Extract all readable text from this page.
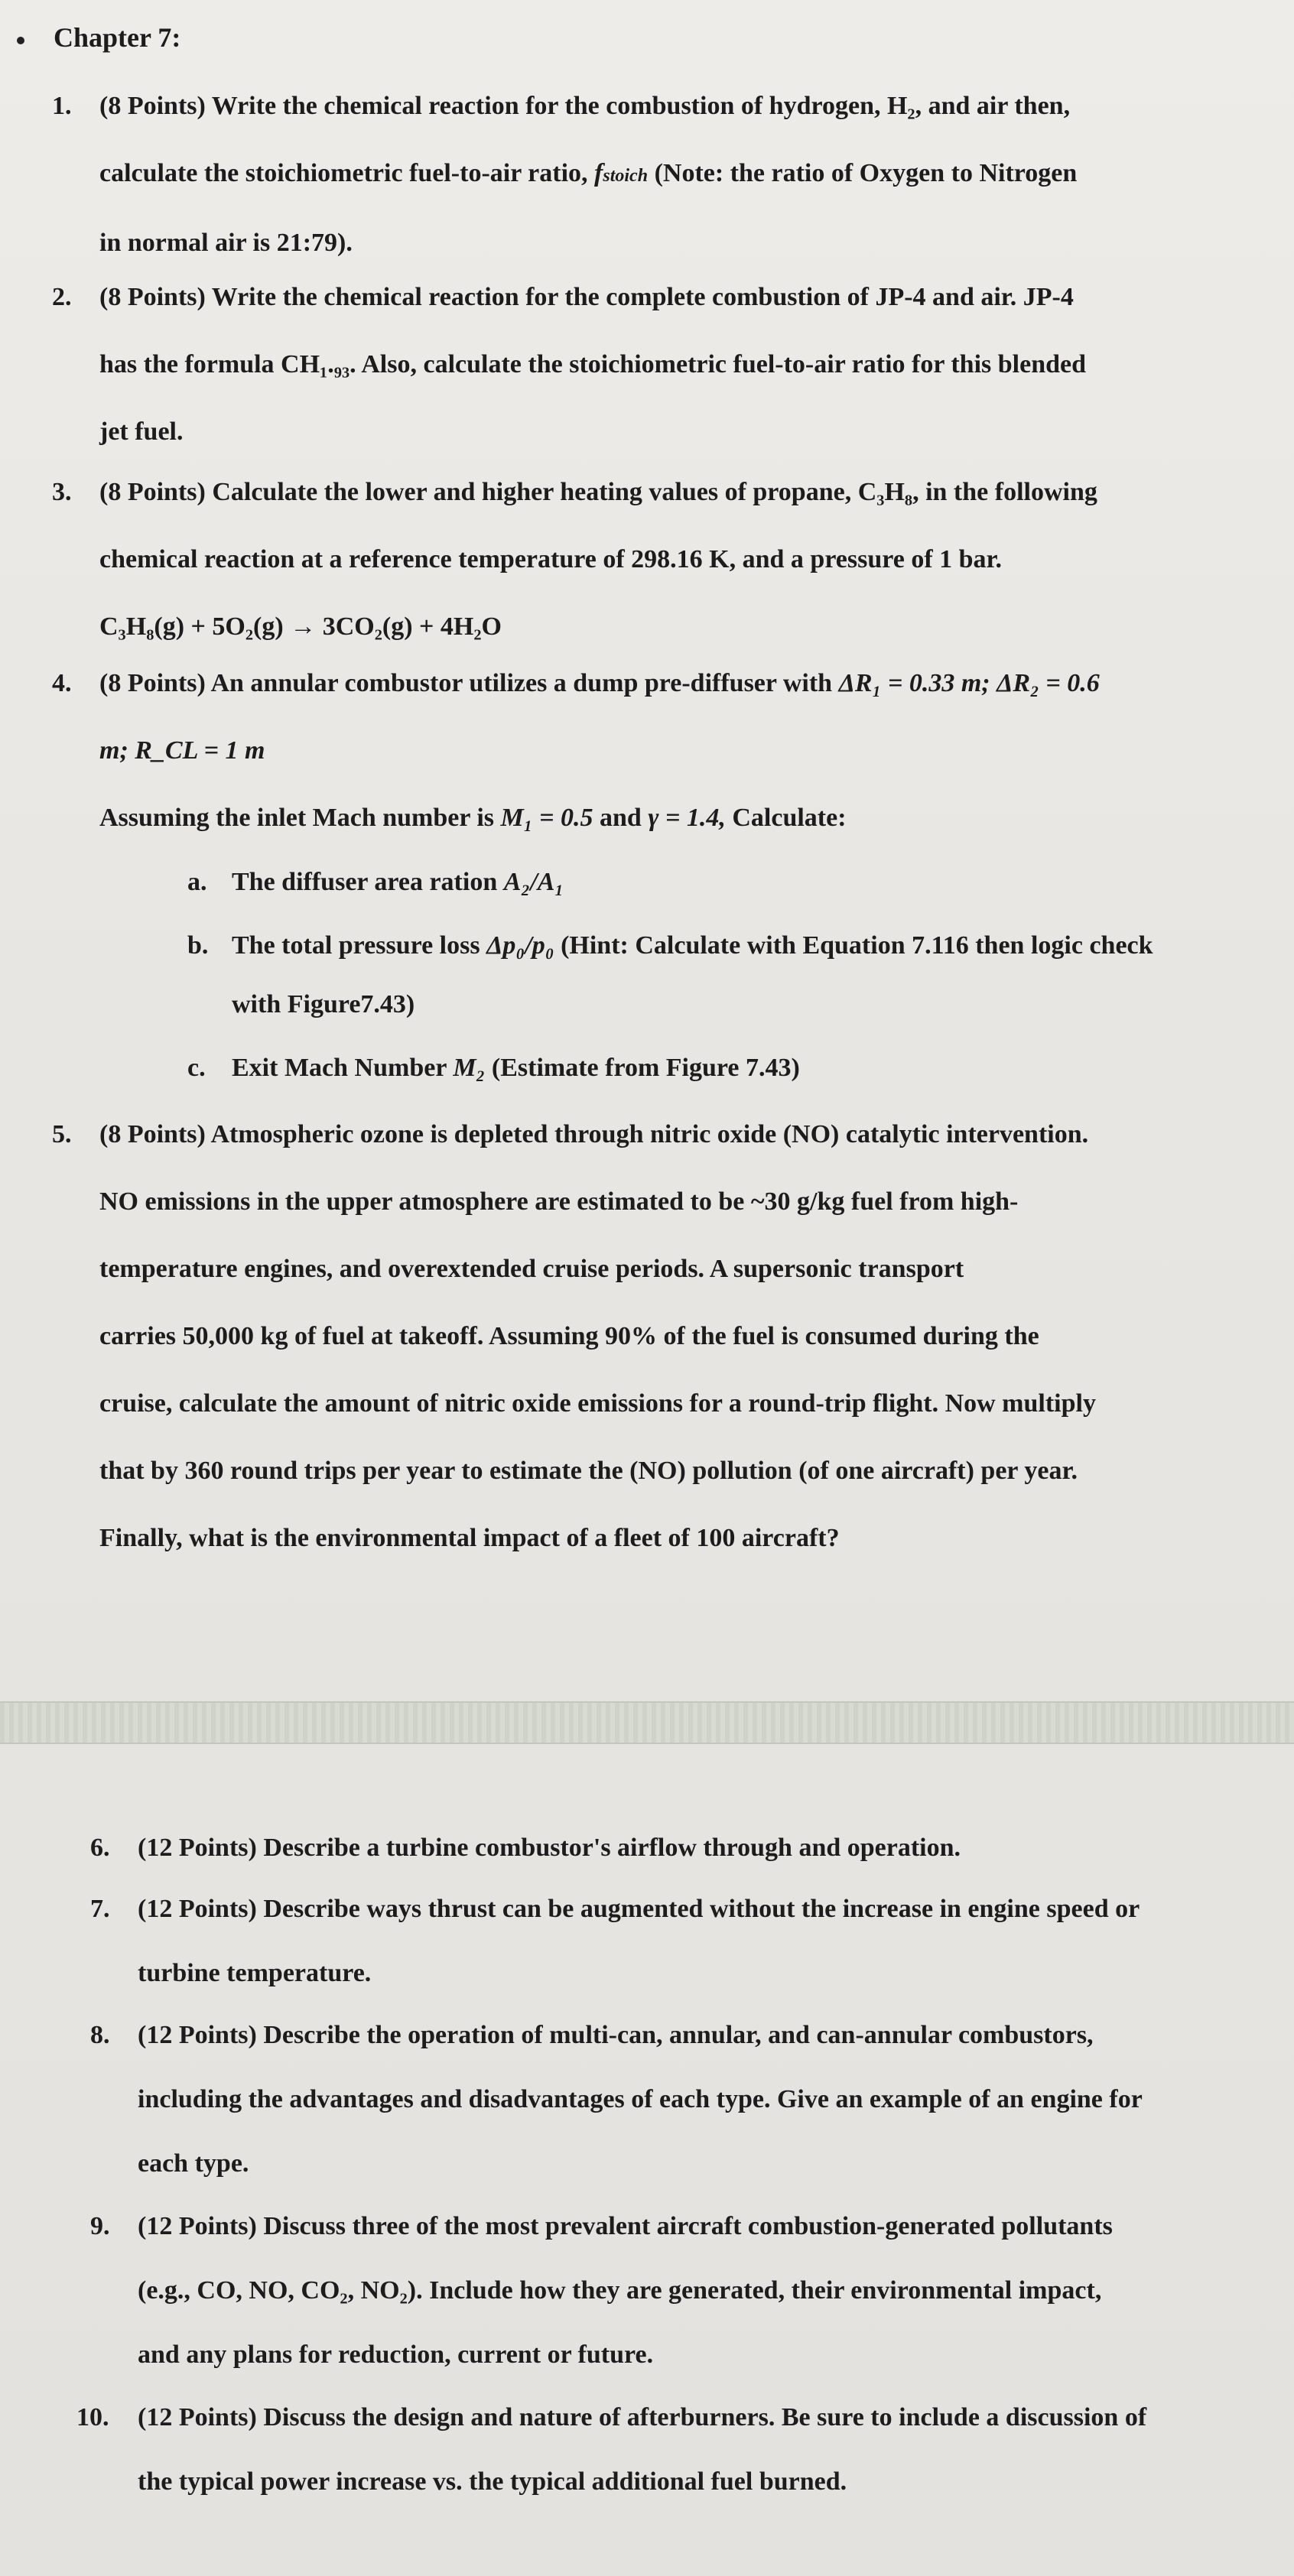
Chapter 7:
1. (8 Points) Write the chemical reaction for the combustion of hydrogen, H₂, and air then,
calculate the stoichiometric fuel-to-air ratio, fstoich (Note: the ratio of Oxygen to Nitrogen
in normal air is 21:79).
2. (8 Points) Write the chemical reaction for the complete combustion of JP-4 and air. JP-4
has the formula CH₁.₉₃. Also, calculate the stoichiometric fuel-to-air ratio for this blended
jet fuel.
3. (8 Points) Calculate the lower and higher heating values of propane, C₃H₈, in the following
chemical reaction at a reference temperature of 298.16 K, and a pressure of 1 bar.
C₃H₈(g) + 5O₂(g) → 3CO₂(g) + 4H₂O
4. (8 Points) An annular combustor utilizes a dump pre-diffuser with ΔR₁ = 0.33 m; ΔR₂ = 0.6
m; R_CL = 1 m
Assuming the inlet Mach number is M₁ = 0.5 and γ = 1.4, Calculate:
a. The diffuser area ration A₂/A₁
b. The total pressure loss Δp₀/p₀ (Hint: Calculate with Equation 7.116 then logic check
with Figure7.43)
c. Exit Mach Number M₂ (Estimate from Figure 7.43)
5. (8 Points) Atmospheric ozone is depleted through nitric oxide (NO) catalytic intervention.
NO emissions in the upper atmosphere are estimated to be ~30 g/kg fuel from high-
temperature engines, and overextended cruise periods. A supersonic transport
carries 50,000 kg of fuel at takeoff. Assuming 90% of the fuel is consumed during the
cruise, calculate the amount of nitric oxide emissions for a round-trip flight. Now multiply
that by 360 round trips per year to estimate the (NO) pollution (of one aircraft) per year.
Finally, what is the environmental impact of a fleet of 100 aircraft?
6. (12 Points) Describe a turbine combustor's airflow through and operation.
7. (12 Points) Describe ways thrust can be augmented without the increase in engine speed or
turbine temperature.
8. (12 Points) Describe the operation of multi-can, annular, and can-annular combustors,
including the advantages and disadvantages of each type. Give an example of an engine for
each type.
9. (12 Points) Discuss three of the most prevalent aircraft combustion-generated pollutants
(e.g., CO, NO, CO₂, NO₂). Include how they are generated, their environmental impact,
and any plans for reduction, current or future.
10. (12 Points) Discuss the design and nature of afterburners. Be sure to include a discussion of
the typical power increase vs. the typical additional fuel burned.
